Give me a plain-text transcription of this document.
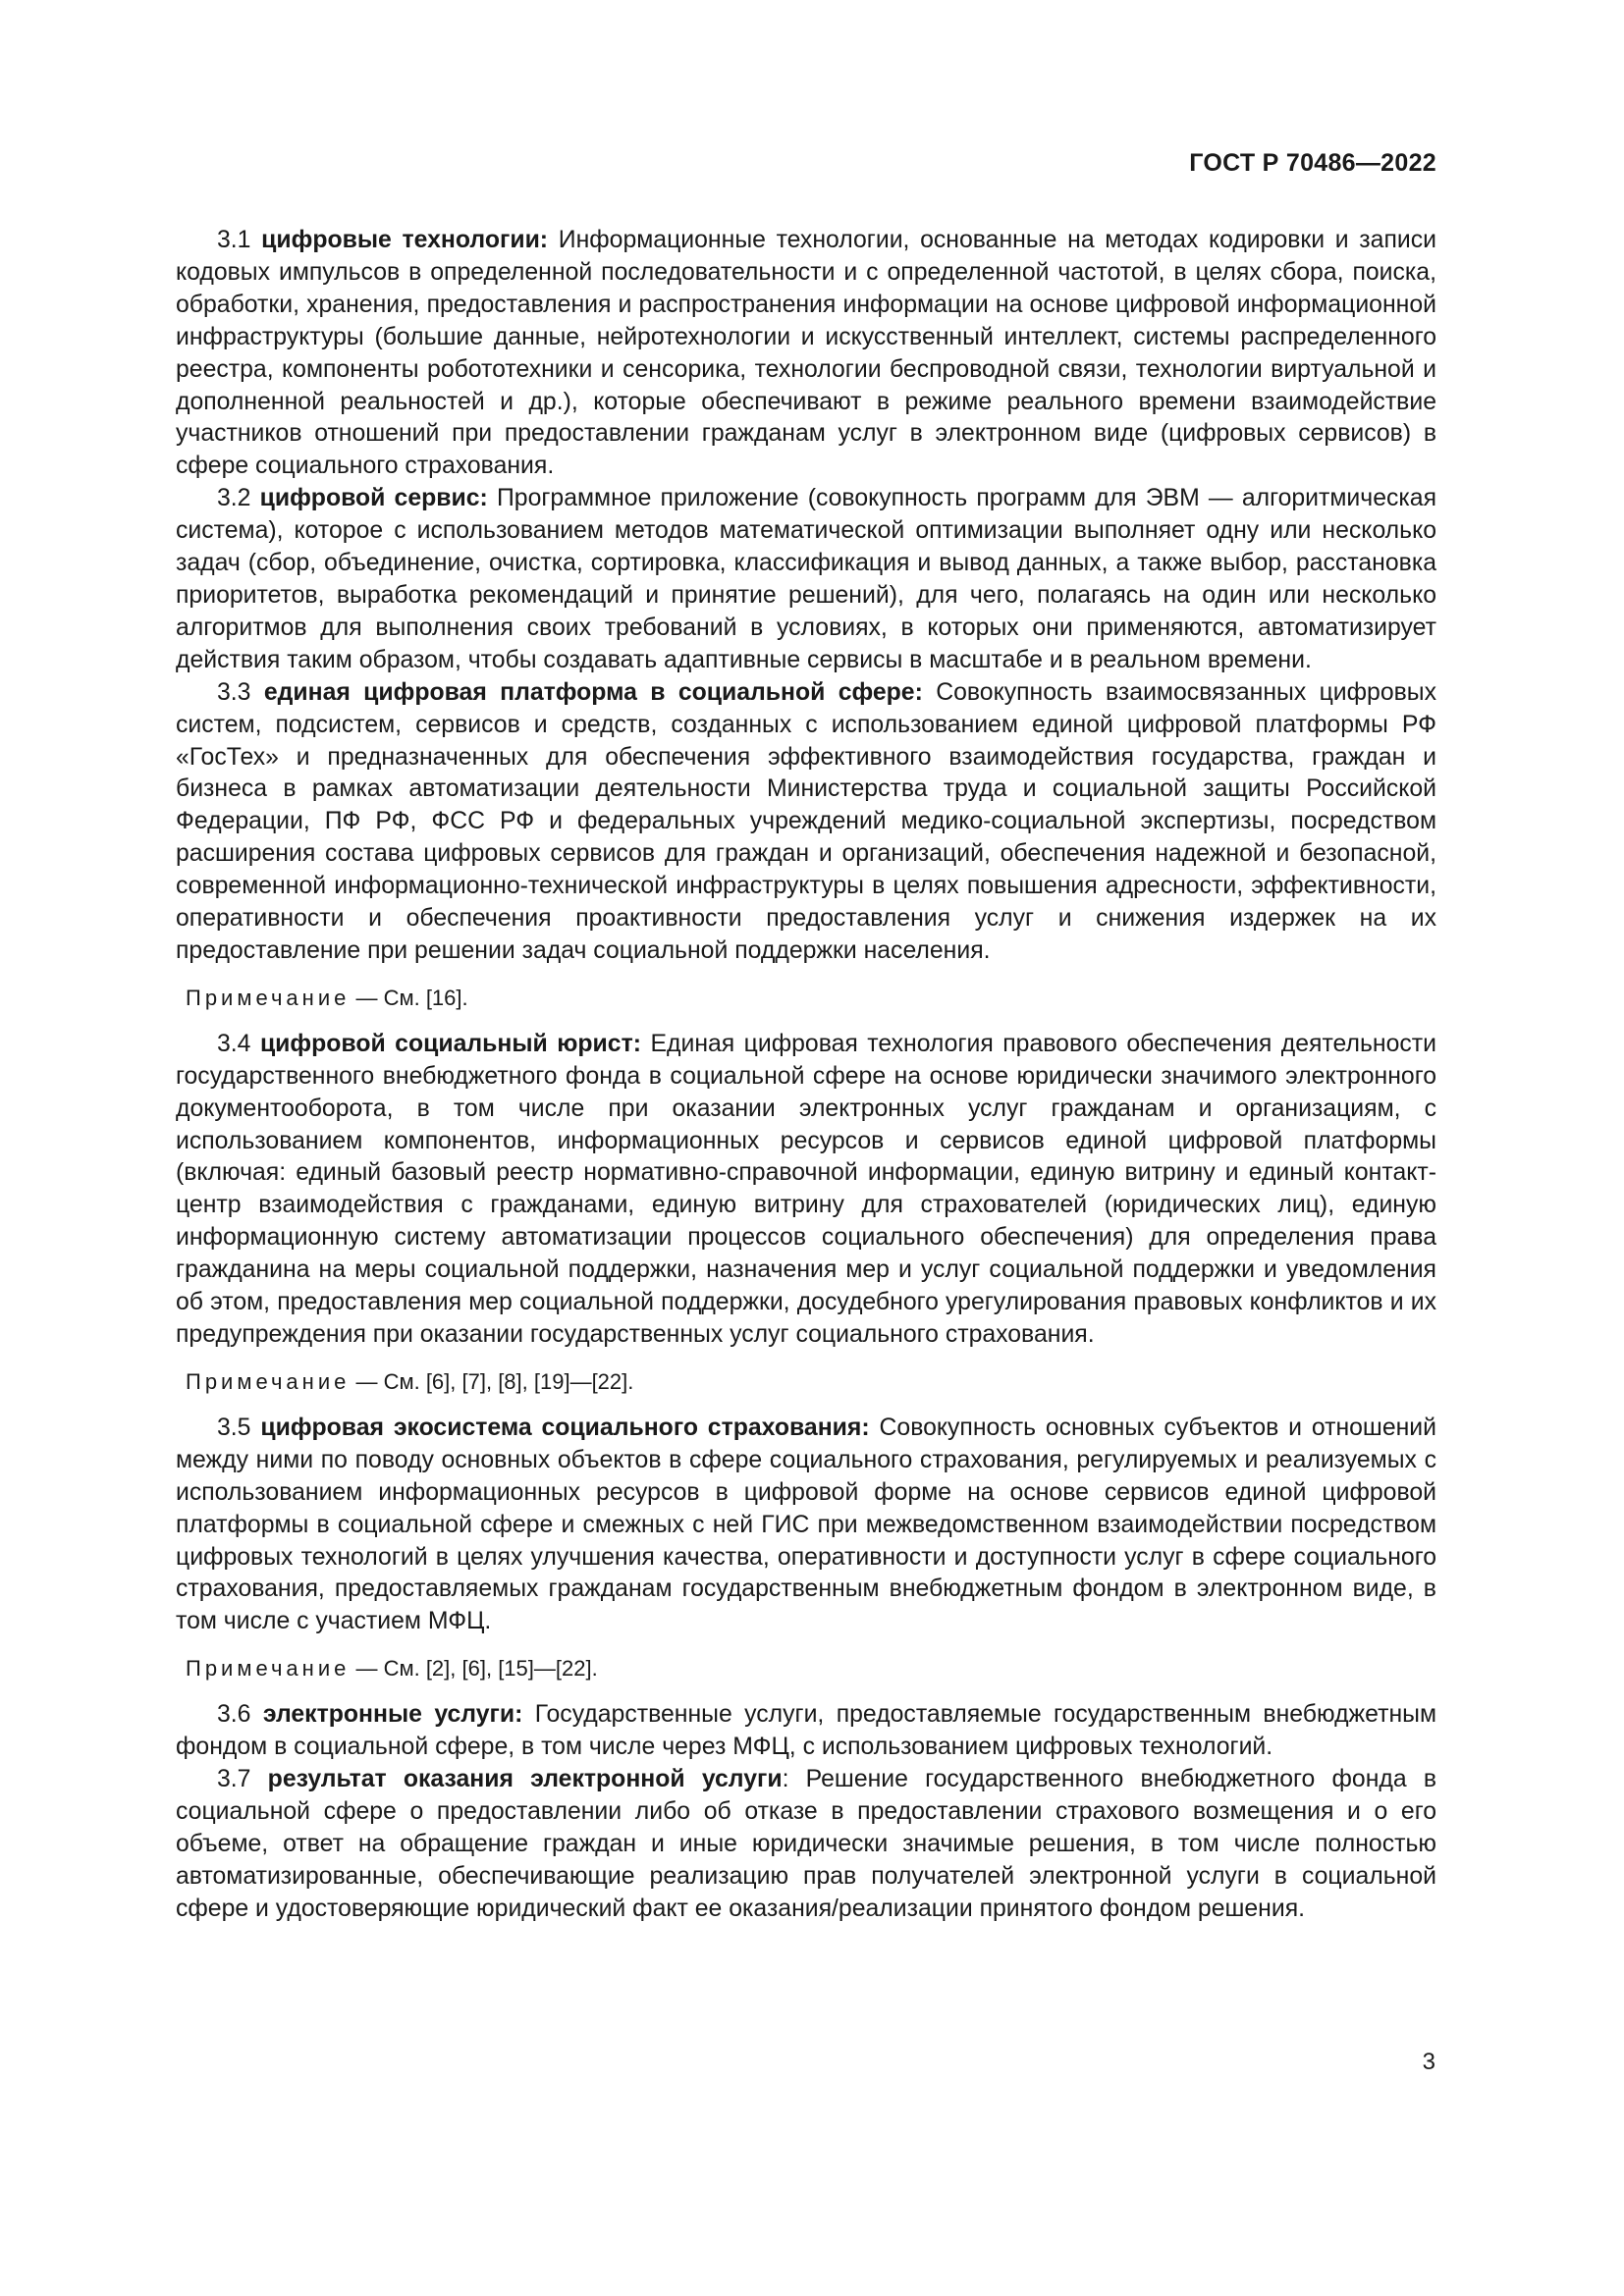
ГОСТ Р 70486—2022

3.1 цифровые технологии: Информационные технологии, основанные на методах кодировки и записи кодовых импульсов в определенной последовательности и с определенной частотой, в целях сбора, поиска, обработки, хранения, предоставления и распространения информации на основе цифровой информационной инфраструктуры (большие данные, нейротехнологии и искусственный интеллект, системы распределенного реестра, компоненты робототехники и сенсорика, технологии беспроводной связи, технологии виртуальной и дополненной реальностей и др.), которые обеспечивают в режиме реального времени взаимодействие участников отношений при предоставлении гражданам услуг в электронном виде (цифровых сервисов) в сфере социального страхования.

3.2 цифровой сервис: Программное приложение (совокупность программ для ЭВМ — алгоритмическая система), которое с использованием методов математической оптимизации выполняет одну или несколько задач (сбор, объединение, очистка, сортировка, классификация и вывод данных, а также выбор, расстановка приоритетов, выработка рекомендаций и принятие решений), для чего, полагаясь на один или несколько алгоритмов для выполнения своих требований в условиях, в которых они применяются, автоматизирует действия таким образом, чтобы создавать адаптивные сервисы в масштабе и в реальном времени.

3.3 единая цифровая платформа в социальной сфере: Совокупность взаимосвязанных цифровых систем, подсистем, сервисов и средств, созданных с использованием единой цифровой платформы РФ «ГосТех» и предназначенных для обеспечения эффективного взаимодействия государства, граждан и бизнеса в рамках автоматизации деятельности Министерства труда и социальной защиты Российской Федерации, ПФ РФ, ФСС РФ и федеральных учреждений медико-социальной экспертизы, посредством расширения состава цифровых сервисов для граждан и организаций, обеспечения надежной и безопасной, современной информационно-технической инфраструктуры в целях повышения адресности, эффективности, оперативности и обеспечения проактивности предоставления услуг и снижения издержек на их предоставление при решении задач социальной поддержки населения.

Примечание — См. [16].

3.4 цифровой социальный юрист: Единая цифровая технология правового обеспечения деятельности государственного внебюджетного фонда в социальной сфере на основе юридически значимого электронного документооборота, в том числе при оказании электронных услуг гражданам и организациям, с использованием компонентов, информационных ресурсов и сервисов единой цифровой платформы (включая: единый базовый реестр нормативно-справочной информации, единую витрину и единый контакт-центр взаимодействия с гражданами, единую витрину для страхователей (юридических лиц), единую информационную систему автоматизации процессов социального обеспечения) для определения права гражданина на меры социальной поддержки, назначения мер и услуг социальной поддержки и уведомления об этом, предоставления мер социальной поддержки, досудебного урегулирования правовых конфликтов и их предупреждения при оказании государственных услуг социального страхования.

Примечание — См. [6], [7], [8], [19]—[22].

3.5 цифровая экосистема социального страхования: Совокупность основных субъектов и отношений между ними по поводу основных объектов в сфере социального страхования, регулируемых и реализуемых с использованием информационных ресурсов в цифровой форме на основе сервисов единой цифровой платформы в социальной сфере и смежных с ней ГИС при межведомственном взаимодействии посредством цифровых технологий в целях улучшения качества, оперативности и доступности услуг в сфере социального страхования, предоставляемых гражданам государственным внебюджетным фондом в электронном виде, в том числе с участием МФЦ.

Примечание — См. [2], [6], [15]—[22].

3.6 электронные услуги: Государственные услуги, предоставляемые государственным внебюджетным фондом в социальной сфере, в том числе через МФЦ, с использованием цифровых технологий.

3.7 результат оказания электронной услуги: Решение государственного внебюджетного фонда в социальной сфере о предоставлении либо об отказе в предоставлении страхового возмещения и о его объеме, ответ на обращение граждан и иные юридически значимые решения, в том числе полностью автоматизированные, обеспечивающие реализацию прав получателей электронной услуги в социальной сфере и удостоверяющие юридический факт ее оказания/реализации принятого фондом решения.

3
